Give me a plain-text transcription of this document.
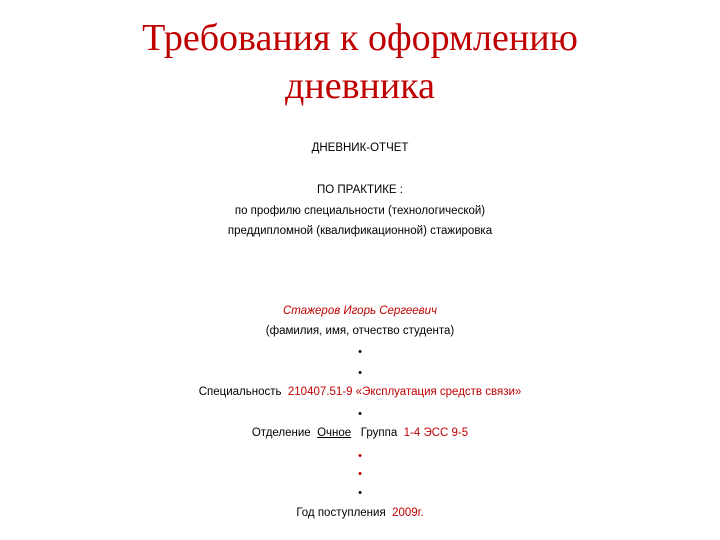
Требования к оформлению
дневника
ДНЕВНИК-ОТЧЕТ
ПО ПРАКТИКЕ :
по профилю специальности (технологической)
преддипломной (квалификационной) стажировка
Стажеров Игорь Сергеевич
(фамилия, имя, отчество студента)
•
•
Специальность 210407.51-9 «Эксплуатация средств связи»
•
Отделение Очное Группа 1-4 ЭСС 9-5
•
•
•
Год поступления 2009г.
